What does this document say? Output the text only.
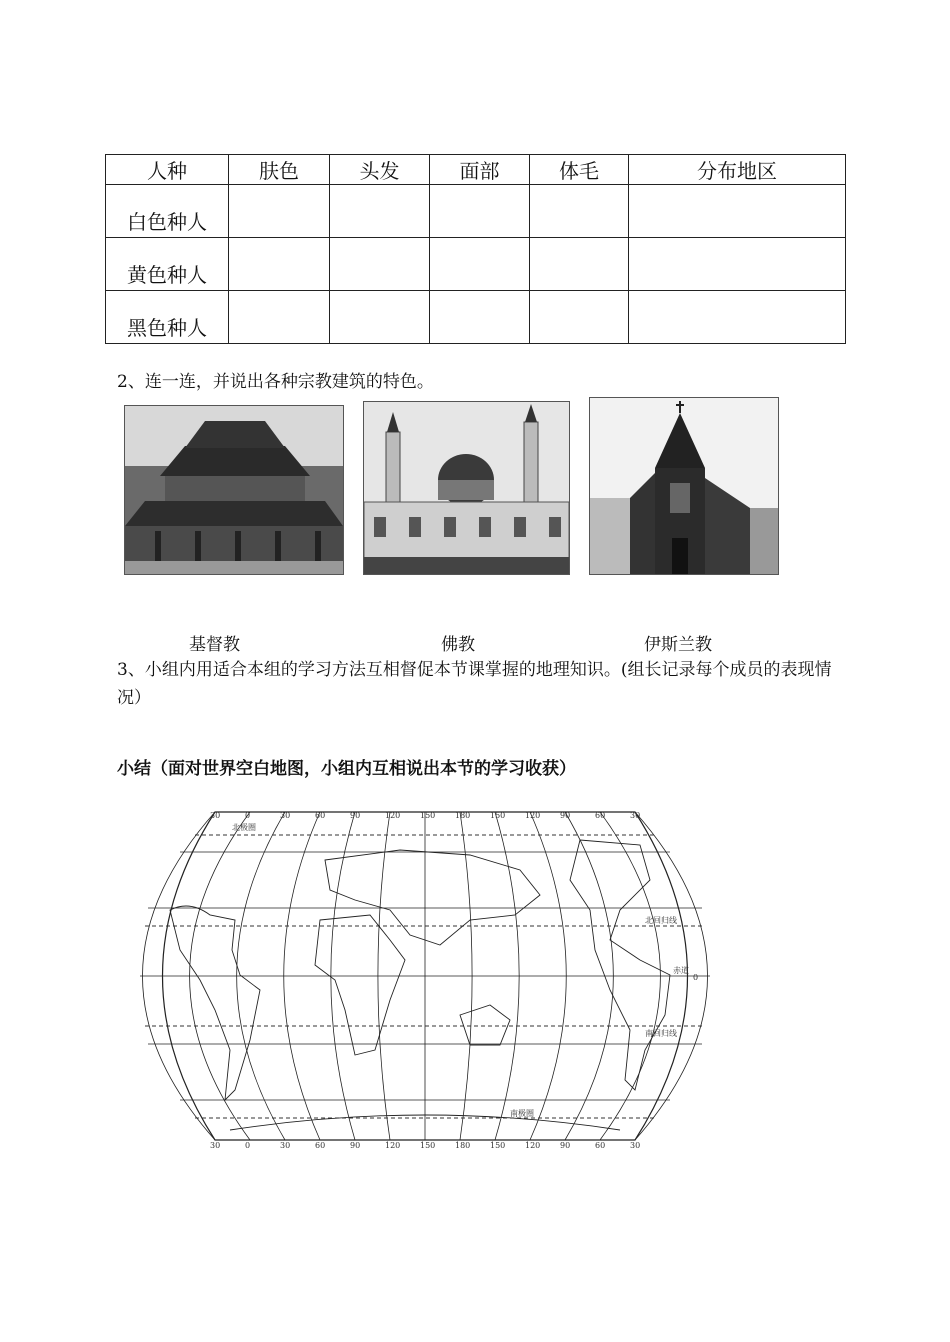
人种	肤色	头发	面部	体毛	分布地区
白色种人					
黄色种人					
黑色种人					
2、连一连，并说出各种宗教建筑的特色。
基督教	佛教	伊斯兰教
3、小组内用适合本组的学习方法互相督促本节课掌握的地理知识。(组长记录每个成员的表现情况）
小结（面对世界空白地图，小组内互相说出本节的学习收获）
30	0	30	60	90	120 150 180 150 120 90	60	30
30	0	30	60	90	120 150 180 150 120 90	60	30
北极圈
北回归线
赤道
0
南回归线
南极圈
